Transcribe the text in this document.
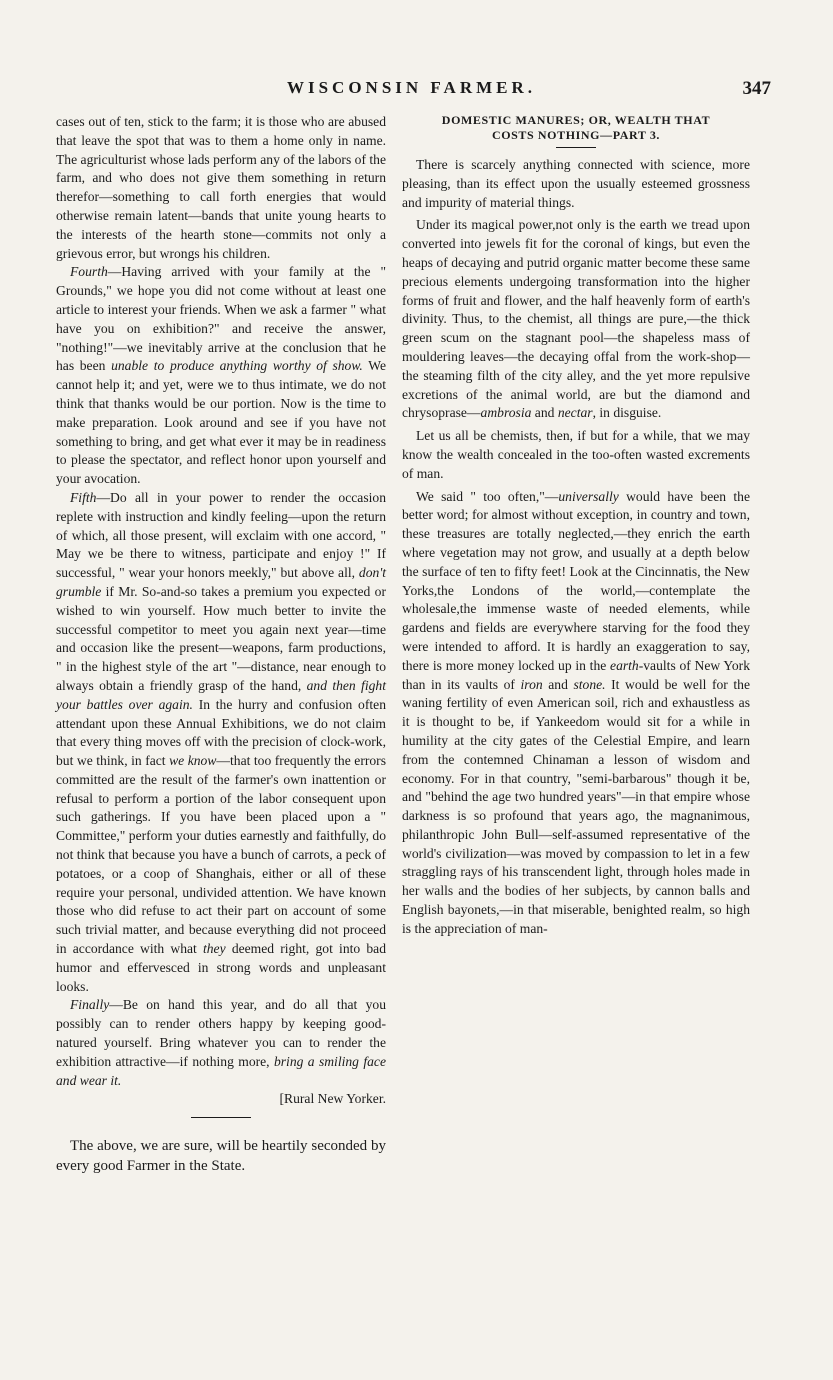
WISCONSIN FARMER.	347

cases out of ten, stick to the farm; it is those who are abused that leave the spot that was to them a home only in name. The agriculturist whose lads perform any of the labors of the farm, and who does not give them something in return therefor—something to call forth energies that would otherwise remain latent—bands that unite young hearts to the interests of the hearth stone—commits not only a grievous error, but wrongs his children.

Fourth—Having arrived with your family at the " Grounds," we hope you did not come without at least one article to interest your friends. When we ask a farmer " what have you on exhibition?" and receive the answer, "nothing!"—we inevitably arrive at the conclusion that he has been unable to produce anything worthy of show. We cannot help it; and yet, were we to thus intimate, we do not think that thanks would be our portion. Now is the time to make preparation. Look around and see if you have not something to bring, and get what ever it may be in readiness to please the spectator, and reflect honor upon yourself and your avocation.

Fifth—Do all in your power to render the occasion replete with instruction and kindly feeling—upon the return of which, all those present, will exclaim with one accord, " May we be there to witness, participate and enjoy !" If successful, " wear your honors meekly," but above all, don't grumble if Mr. So-and-so takes a premium you expected or wished to win yourself. How much better to invite the successful competitor to meet you again next year—time and occasion like the present—weapons, farm productions, " in the highest style of the art "—distance, near enough to always obtain a friendly grasp of the hand, and then fight your battles over again. In the hurry and confusion often attendant upon these Annual Exhibitions, we do not claim that every thing moves off with the precision of clock-work, but we think, in fact we know—that too frequently the errors committed are the result of the farmer's own inattention or refusal to perform a portion of the labor consequent upon such gatherings. If you have been placed upon a " Committee," perform your duties earnestly and faithfully, do not think that because you have a bunch of carrots, a peck of potatoes, or a coop of Shanghais, either or all of these require your personal, undivided attention. We have known those who did refuse to act their part on account of some such trivial matter, and because everything did not proceed in accordance with what they deemed right, got into bad humor and effervesced in strong words and unpleasant looks.

Finally—Be on hand this year, and do all that you possibly can to render others happy by keeping good-natured yourself. Bring whatever you can to render the exhibition attractive—if nothing more, bring a smiling face and wear it.

[Rural New Yorker.

The above, we are sure, will be heartily seconded by every good Farmer in the State.

DOMESTIC MANURES; OR, WEALTH THAT
COSTS NOTHING—PART 3.

There is scarcely anything connected with science, more pleasing, than its effect upon the usually esteemed grossness and impurity of material things.

Under its magical power,not only is the earth we tread upon converted into jewels fit for the coronal of kings, but even the heaps of decaying and putrid organic matter become these same precious elements undergoing transformation into the higher forms of fruit and flower, and the half heavenly form of earth's divinity. Thus, to the chemist, all things are pure,—the thick green scum on the stagnant pool—the shapeless mass of mouldering leaves—the decaying offal from the work-shop—the steaming filth of the city alley, and the yet more repulsive excretions of the animal world, are but the diamond and chrysoprase—ambrosia and nectar, in disguise.

Let us all be chemists, then, if but for a while, that we may know the wealth concealed in the too-often wasted excrements of man.

We said " too often,"—universally would have been the better word; for almost without exception, in country and town, these treasures are totally neglected,—they enrich the earth where vegetation may not grow, and usually at a depth below the surface of ten to fifty feet! Look at the Cincinnatis, the New Yorks,the Londons of the world,—contemplate the wholesale,the immense waste of needed elements, while gardens and fields are everywhere starving for the food they were intended to afford. It is hardly an exaggeration to say, there is more money locked up in the earth-vaults of New York than in its vaults of iron and stone. It would be well for the waning fertility of even American soil, rich and exhaustless as it is thought to be, if Yankeedom would sit for a while in humility at the city gates of the Celestial Empire, and learn from the contemned Chinaman a lesson of wisdom and economy. For in that country, "semi-barbarous" though it be, and "behind the age two hundred years"—in that empire whose darkness is so profound that years ago, the magnanimous, philanthropic John Bull—self-assumed representative of the world's civilization—was moved by compassion to let in a few straggling rays of his transcendent light, through holes made in her walls and the bodies of her subjects, by cannon balls and English bayonets,—in that miserable, benighted realm, so high is the appreciation of man-
